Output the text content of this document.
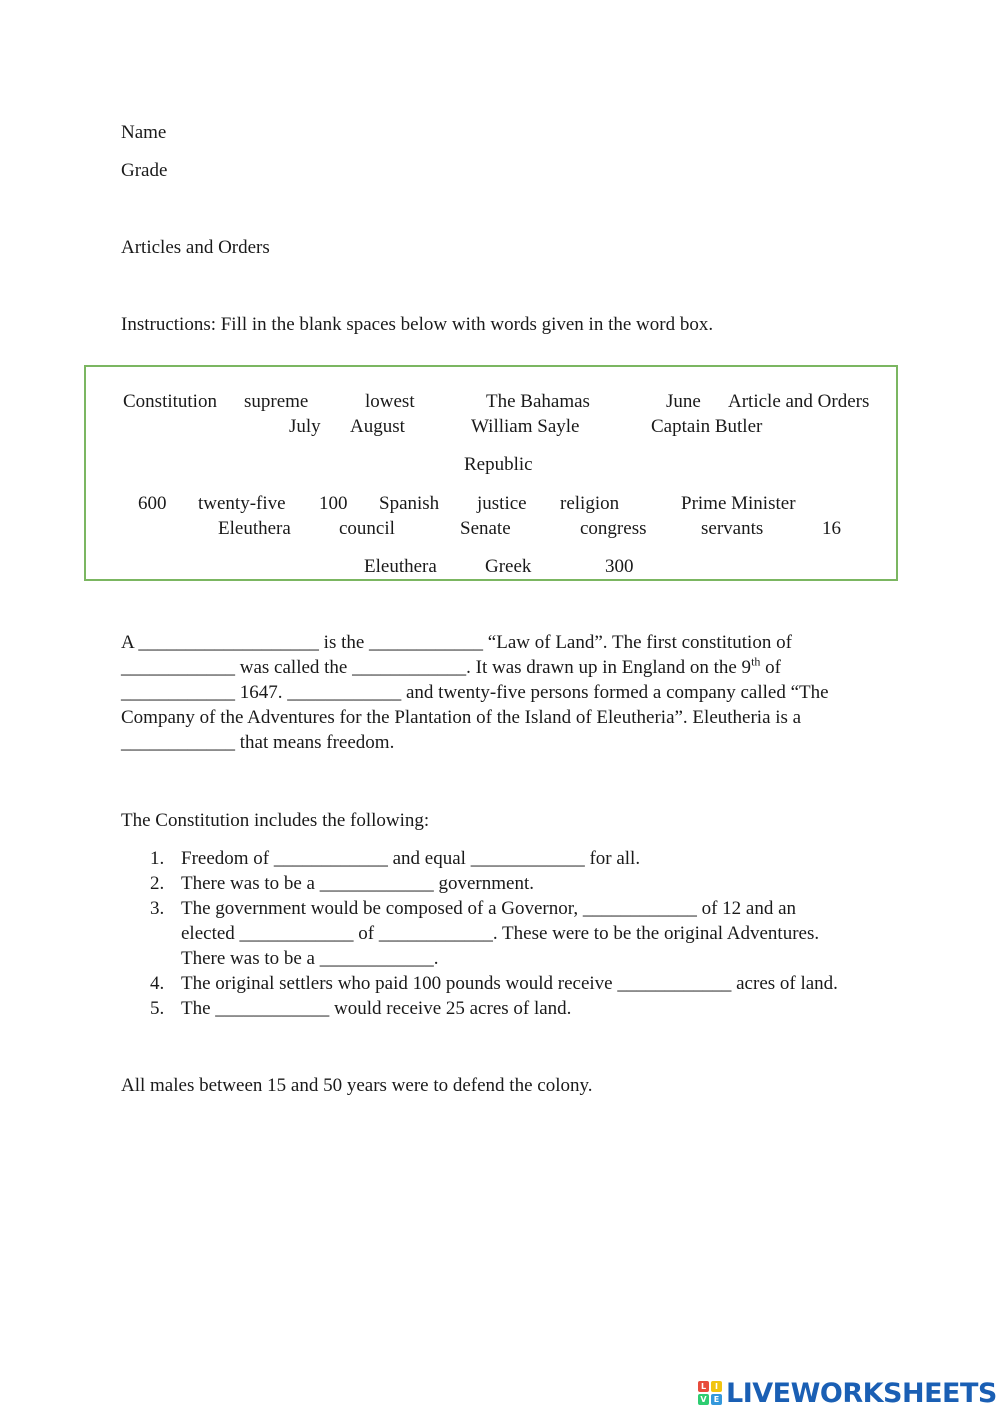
Name
Grade
Articles and Orders
Instructions: Fill in the blank spaces below with words given in the word box.
Constitution supreme	lowest	The Bahamas	June Article and Orders
July August	William Sayle	Captain Butler
Republic
600 twenty-five 100 Spanish justice religion	Prime Minister
Eleuthera	council	Senate	congress	servants	16
Eleuthera	Greek	300
A ___________________ is the ____________ “Law of Land”. The first constitution of
____________ was called the ____________. It was drawn up in England on the 9th of
____________ 1647. ____________ and twenty-five persons formed a company called “The
Company of the Adventures for the Plantation of the Island of Eleutheria”. Eleutheria is a
____________ that means freedom.
The Constitution includes the following:
1. Freedom of ____________ and equal ____________ for all.
2. There was to be a ____________ government.
3. The government would be composed of a Governor, ____________ of 12 and an
elected ____________ of ____________. These were to be the original Adventures.
There was to be a ____________.
4. The original settlers who paid 100 pounds would receive ____________ acres of land.
5. The ____________ would receive 25 acres of land.
All males between 15 and 50 years were to defend the colony.
L	I
V E LIVEWORKSHEETS
